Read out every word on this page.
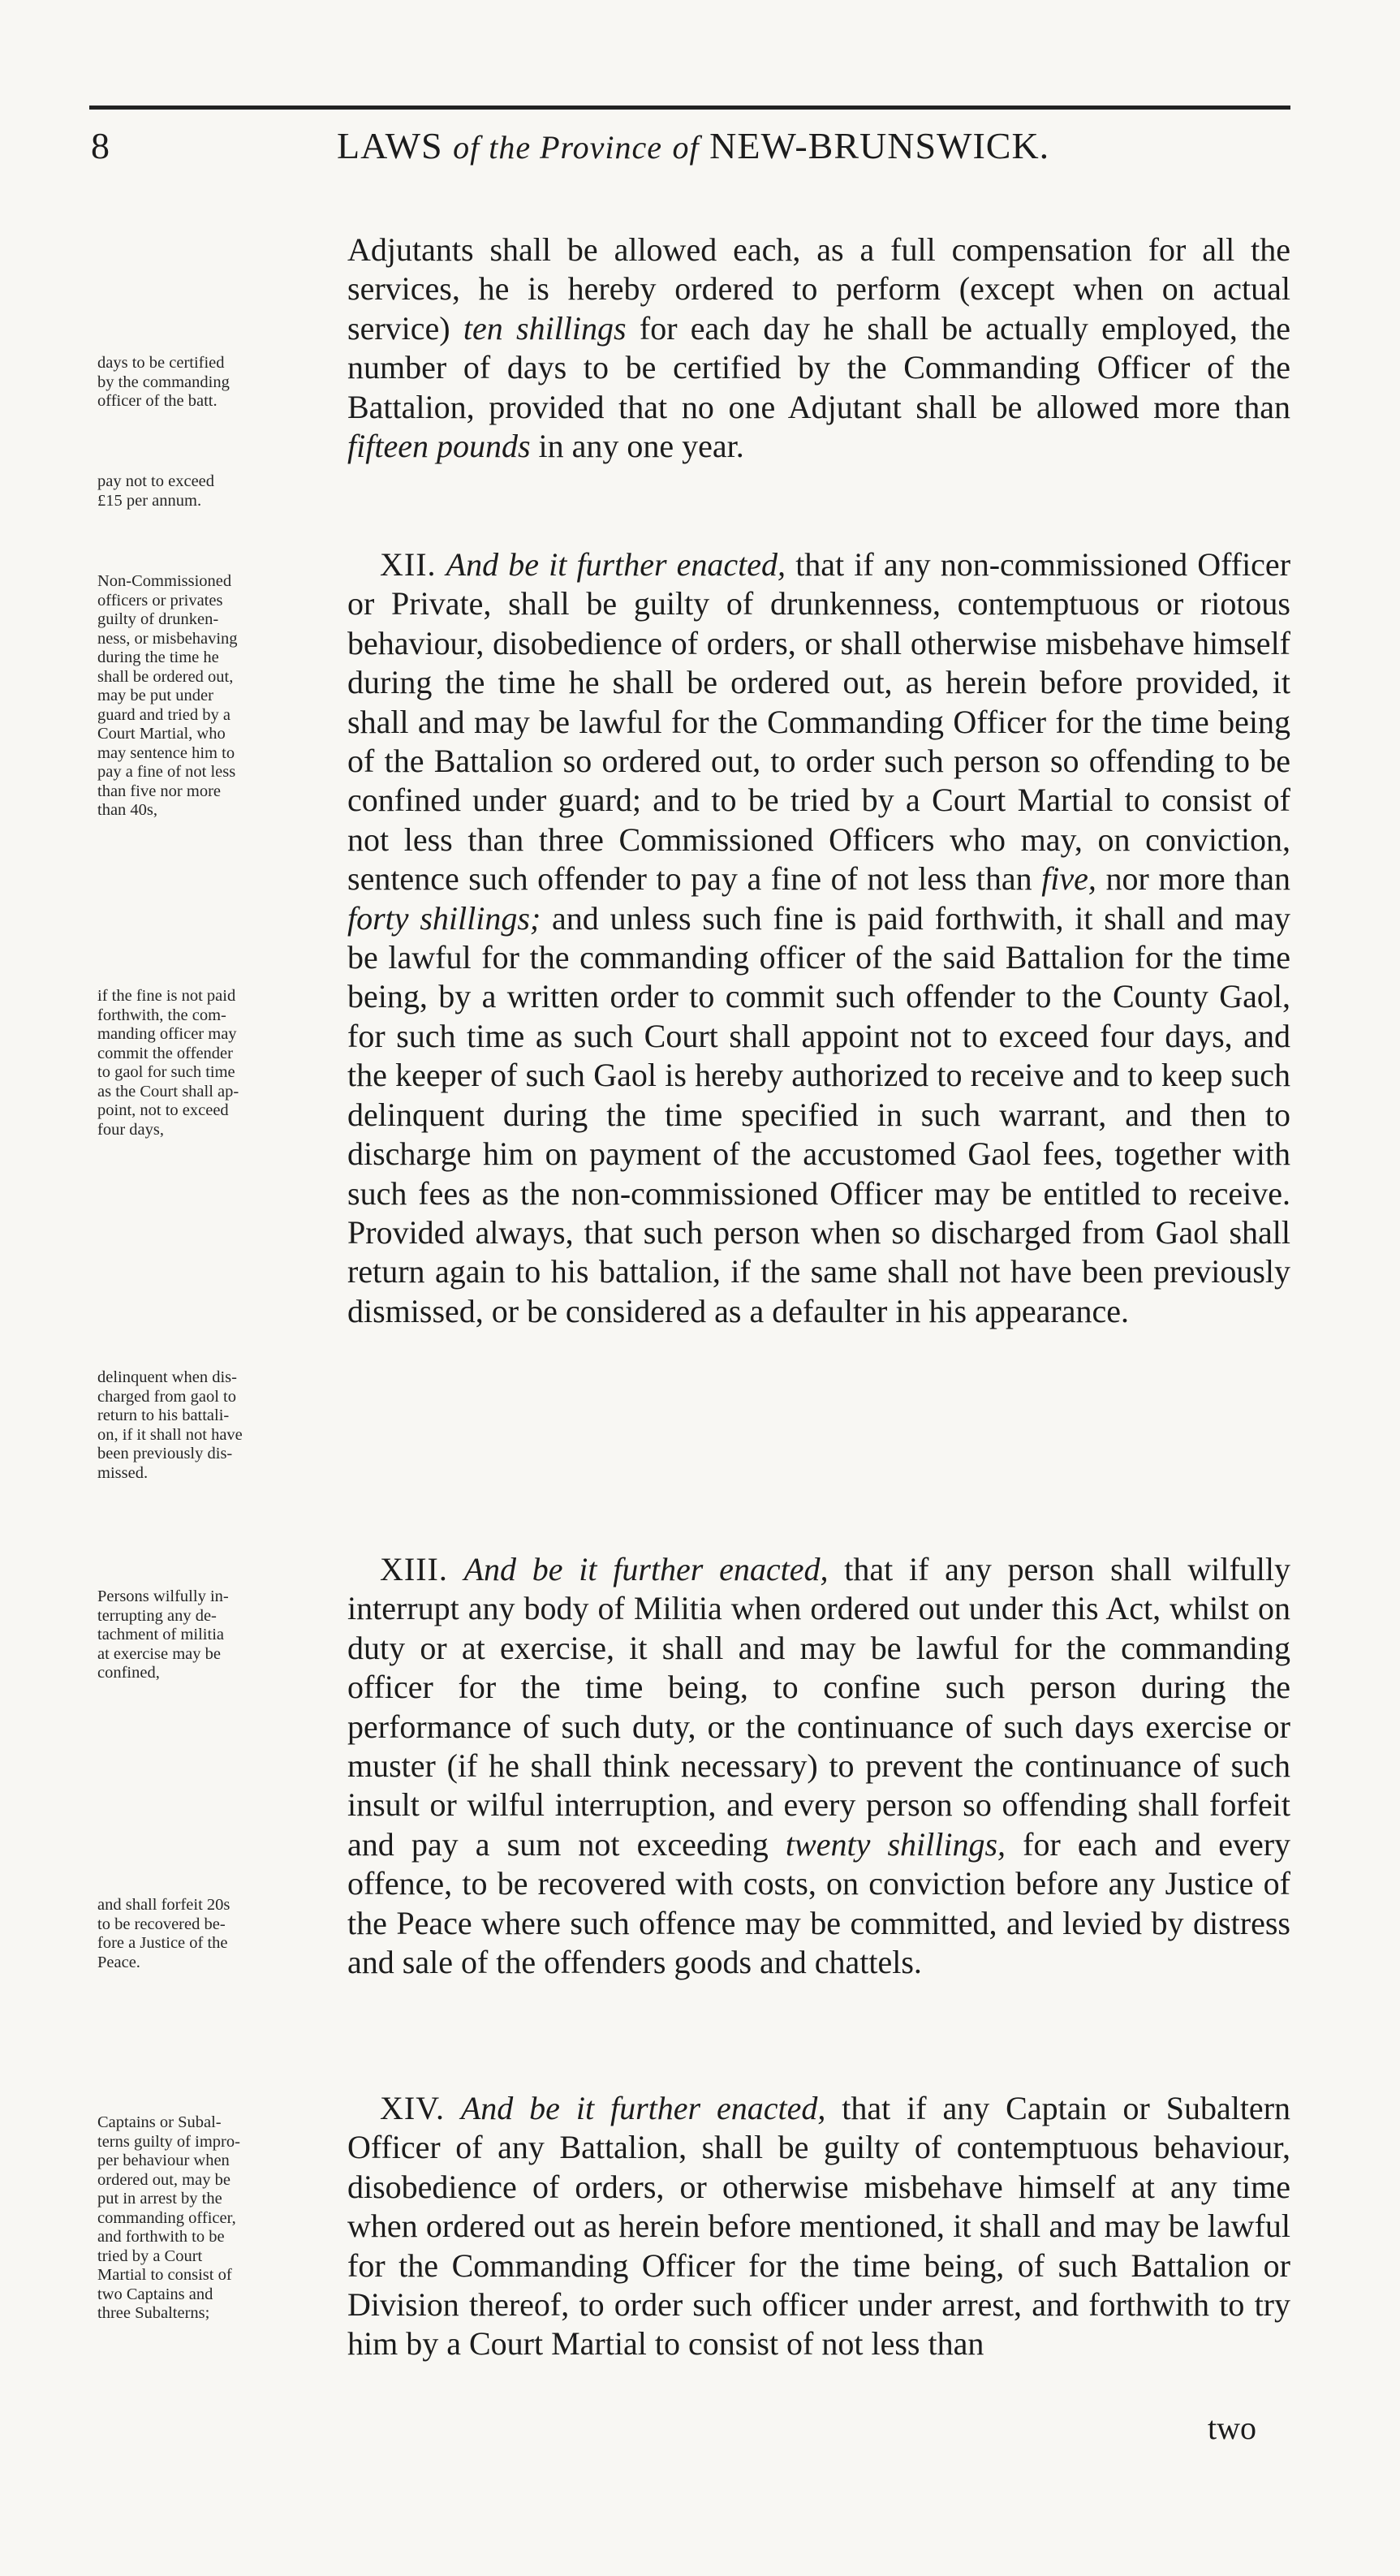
8	LAWS of the Province of NEW-BRUNSWICK.
days to be certified
by the commanding
officer of the batt.
pay not to exceed
£15 per annum.
Non-Commissioned
officers or privates
guilty of drunken-
ness, or misbehaving
during the time he
shall be ordered out,
may be put under
guard and tried by a
Court Martial, who
may sentence him to
pay a fine of not less
than five nor more
than 40s,
if the fine is not paid
forthwith, the com-
manding officer may
commit the offender
to gaol for such time
as the Court shall ap-
point, not to exceed
four days,
delinquent when dis-
charged from gaol to
return to his battali-
on, if it shall not have
been previously dis-
missed.
Persons wilfully in-
terrupting any de-
tachment of militia
at exercise may be
confined,
and shall forfeit 20s
to be recovered be-
fore a Justice of the
Peace.
Captains or Subal-
terns guilty of impro-
per behaviour when
ordered out, may be
put in arrest by the
commanding officer,
and forthwith to be
tried by a Court
Martial to consist of
two Captains and
three Subalterns;
Adjutants shall be allowed each, as a full compensation for all the services, he is hereby ordered to perform (except when on actual service) ten shillings for each day he shall be actually employed, the number of days to be certified by the Commanding Officer of the Battalion, provided that no one Adjutant shall be allowed more than fifteen pounds in any one year.
XII. And be it further enacted, that if any non-commissioned Officer or Private, shall be guilty of drunkenness, contemptuous or riotous behaviour, disobedience of orders, or shall otherwise misbehave himself during the time he shall be ordered out, as herein before provided, it shall and may be lawful for the Commanding Officer for the time being of the Battalion so ordered out, to order such person so offending to be confined under guard; and to be tried by a Court Martial to consist of not less than three Commissioned Officers who may, on conviction, sentence such offender to pay a fine of not less than five, nor more than forty shillings; and unless such fine is paid forthwith, it shall and may be lawful for the commanding officer of the said Battalion for the time being, by a written order to commit such offender to the County Gaol, for such time as such Court shall appoint not to exceed four days, and the keeper of such Gaol is hereby authorized to receive and to keep such delinquent during the time specified in such warrant, and then to discharge him on payment of the accustomed Gaol fees, together with such fees as the non-commissioned Officer may be entitled to receive. Provided always, that such person when so discharged from Gaol shall return again to his battalion, if the same shall not have been previously dismissed, or be considered as a defaulter in his appearance.
XIII. And be it further enacted, that if any person shall wilfully interrupt any body of Militia when ordered out under this Act, whilst on duty or at exercise, it shall and may be lawful for the commanding officer for the time being, to confine such person during the performance of such duty, or the continuance of such days exercise or muster (if he shall think necessary) to prevent the continuance of such insult or wilful interruption, and every person so offending shall forfeit and pay a sum not exceeding twenty shillings, for each and every offence, to be recovered with costs, on conviction before any Justice of the Peace where such offence may be committed, and levied by distress and sale of the offenders goods and chattels.
XIV. And be it further enacted, that if any Captain or Subaltern Officer of any Battalion, shall be guilty of contemptuous behaviour, disobedience of orders, or otherwise misbehave himself at any time when ordered out as herein before mentioned, it shall and may be lawful for the Commanding Officer for the time being, of such Battalion or Division thereof, to order such officer under arrest, and forthwith to try him by a Court Martial to consist of not less than
two
